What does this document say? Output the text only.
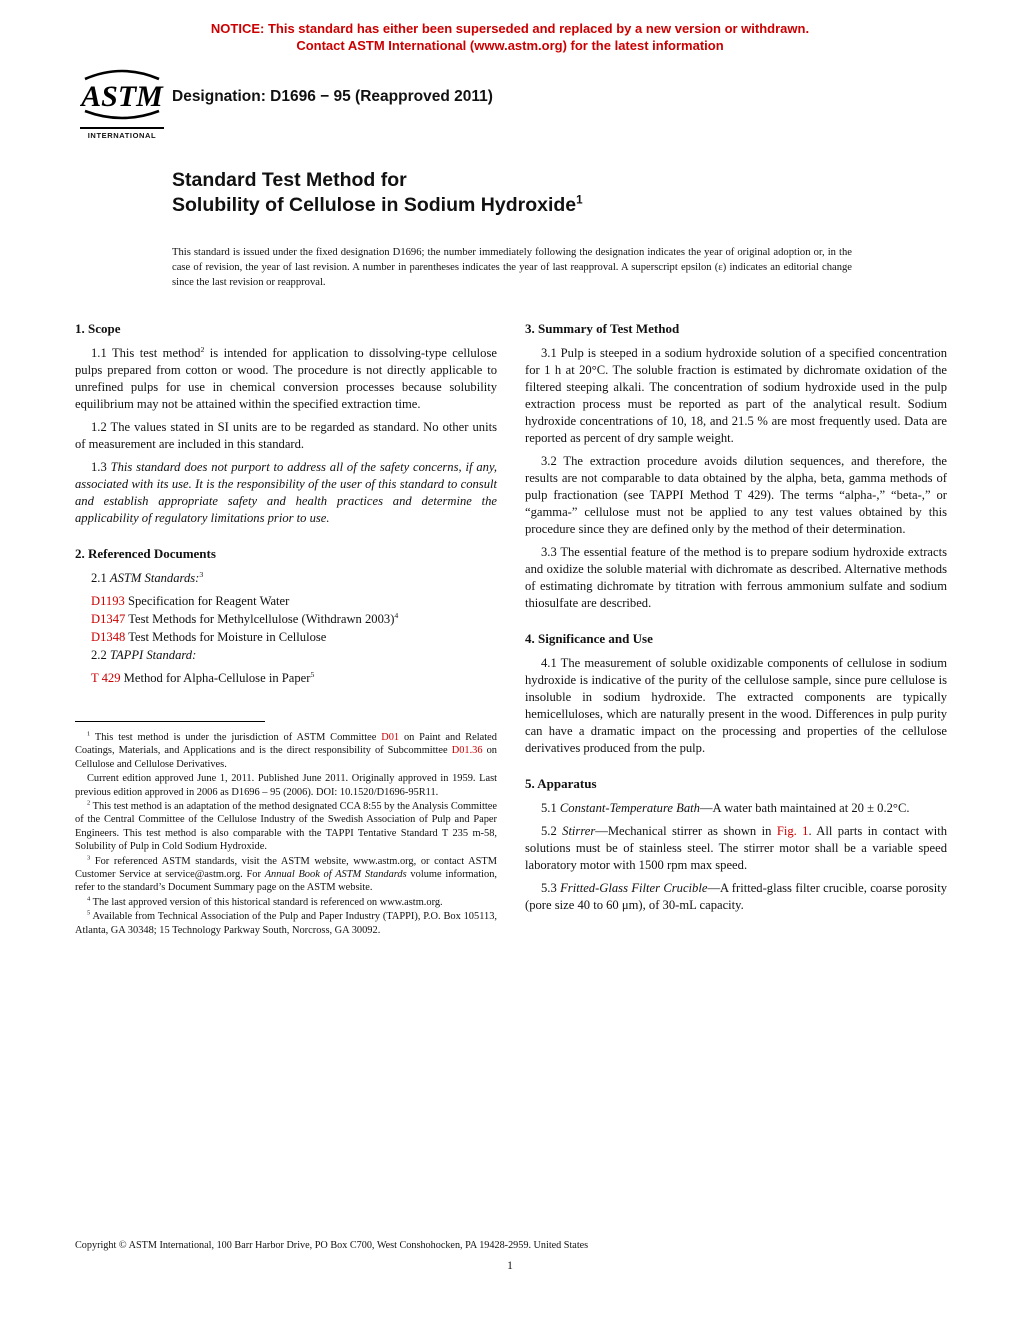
NOTICE: This standard has either been superseded and replaced by a new version or withdrawn.
Contact ASTM International (www.astm.org) for the latest information
ASTM
INTERNATIONAL
Designation: D1696 − 95 (Reapproved 2011)
Standard Test Method for
Solubility of Cellulose in Sodium Hydroxide$^1$

This standard is issued under the fixed designation D1696; the number immediately following the designation indicates the year of original adoption or, in the case of revision, the year of last revision. A number in parentheses indicates the year of last reapproval. A superscript epsilon (ε) indicates an editorial change since the last revision or reapproval.

1. Scope

1.1 This test method$^2$ is intended for application to dissolving-type cellulose pulps prepared from cotton or wood. The procedure is not directly applicable to unrefined pulps for use in chemical conversion processes because solubility equilibrium may not be attained within the specified extraction time.

1.2 The values stated in SI units are to be regarded as standard. No other units of measurement are included in this standard.

1.3 This standard does not purport to address all of the safety concerns, if any, associated with its use. It is the responsibility of the user of this standard to consult and establish appropriate safety and health practices and determine the applicability of regulatory limitations prior to use.

2. Referenced Documents

2.1 ASTM Standards:$^3$

D1193 Specification for Reagent Water

D1347 Test Methods for Methylcellulose (Withdrawn 2003)$^4$

D1348 Test Methods for Moisture in Cellulose

2.2 TAPPI Standard:

T 429 Method for Alpha-Cellulose in Paper$^5$

$^1$ This test method is under the jurisdiction of ASTM Committee D01 on Paint and Related Coatings, Materials, and Applications and is the direct responsibility of Subcommittee D01.36 on Cellulose and Cellulose Derivatives.

Current edition approved June 1, 2011. Published June 2011. Originally approved in 1959. Last previous edition approved in 2006 as D1696 – 95 (2006). DOI: 10.1520/D1696-95R11.

$^2$ This test method is an adaptation of the method designated CCA 8:55 by the Analysis Committee of the Central Committee of the Cellulose Industry of the Swedish Association of Pulp and Paper Engineers. This test method is also comparable with the TAPPI Tentative Standard T 235 m-58, Solubility of Pulp in Cold Sodium Hydroxide.

$^3$ For referenced ASTM standards, visit the ASTM website, www.astm.org, or contact ASTM Customer Service at service@astm.org. For Annual Book of ASTM Standards volume information, refer to the standard’s Document Summary page on the ASTM website.

$^4$ The last approved version of this historical standard is referenced on www.astm.org.

$^5$ Available from Technical Association of the Pulp and Paper Industry (TAPPI), P.O. Box 105113, Atlanta, GA 30348; 15 Technology Parkway South, Norcross, GA 30092.

3. Summary of Test Method

3.1 Pulp is steeped in a sodium hydroxide solution of a specified concentration for 1 h at 20°C. The soluble fraction is estimated by dichromate oxidation of the filtered steeping alkali. The concentration of sodium hydroxide used in the pulp extraction process must be reported as part of the analytical result. Sodium hydroxide concentrations of 10, 18, and 21.5 % are most frequently used. Data are reported as percent of dry sample weight.

3.2 The extraction procedure avoids dilution sequences, and therefore, the results are not comparable to data obtained by the alpha, beta, gamma methods of pulp fractionation (see TAPPI Method T 429). The terms “alpha-,” “beta-,” or “gamma-” cellulose must not be applied to any test values obtained by this procedure since they are defined only by the method of their determination.

3.3 The essential feature of the method is to prepare sodium hydroxide extracts and oxidize the soluble material with dichromate as described. Alternative methods of estimating dichromate by titration with ferrous ammonium sulfate and sodium thiosulfate are described.

4. Significance and Use

4.1 The measurement of soluble oxidizable components of cellulose in sodium hydroxide is indicative of the purity of the cellulose sample, since pure cellulose is insoluble in sodium hydroxide. The extracted components are typically hemicelluloses, which are naturally present in the wood. Differences in pulp purity can have a dramatic impact on the processing and properties of the cellulose derivatives produced from the pulp.

5. Apparatus

5.1 Constant-Temperature Bath—A water bath maintained at 20 ± 0.2°C.

5.2 Stirrer—Mechanical stirrer as shown in Fig. 1. All parts in contact with solutions must be of stainless steel. The stirrer motor shall be a variable speed laboratory motor with 1500 rpm max speed.

5.3 Fritted-Glass Filter Crucible—A fritted-glass filter crucible, coarse porosity (pore size 40 to 60 μm), of 30-mL capacity.

Copyright © ASTM International, 100 Barr Harbor Drive, PO Box C700, West Conshohocken, PA 19428-2959. United States

1
